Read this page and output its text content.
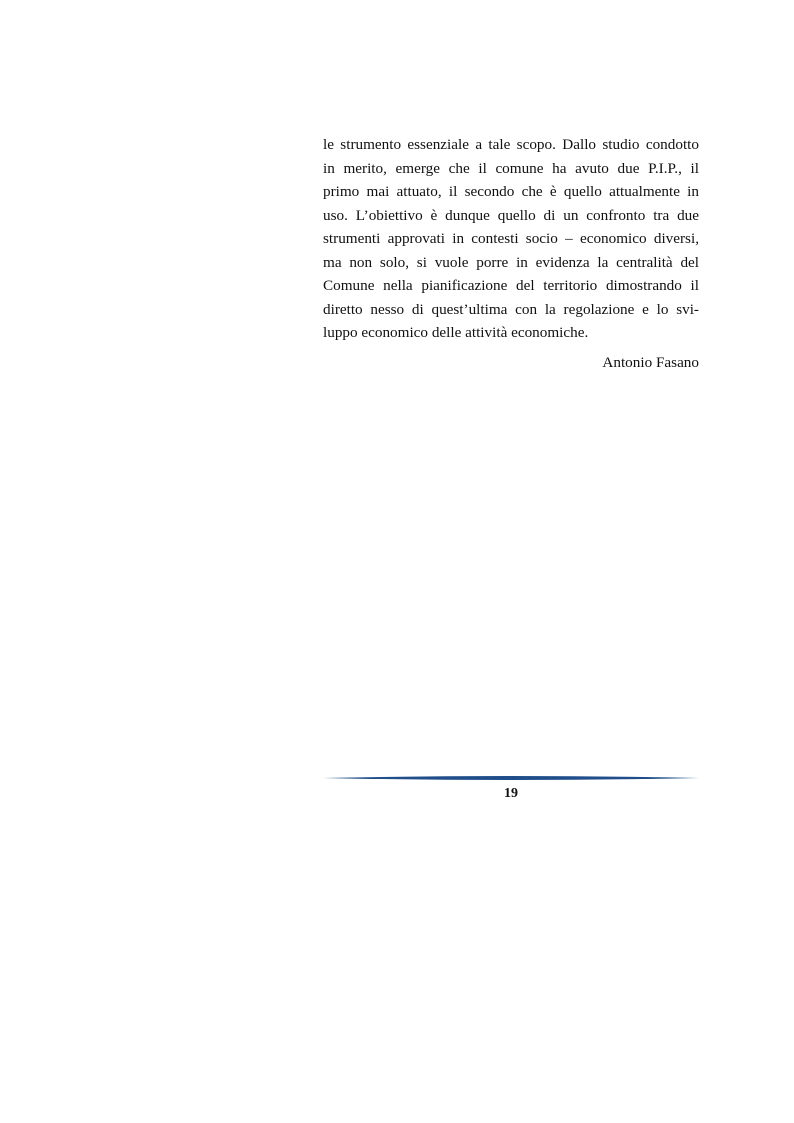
le strumento essenziale a tale scopo. Dallo studio condotto
in merito, emerge che il comune ha avuto due P.I.P., il
primo mai attuato, il secondo che è quello attualmente in
uso. L’obiettivo è dunque quello di un confronto tra due
strumenti approvati in contesti socio – economico diversi,
ma non solo, si vuole porre in evidenza la centralità del
Comune nella pianificazione del territorio dimostrando il
diretto nesso di quest’ultima con la regolazione e lo svi-
luppo economico delle attività economiche.
Antonio Fasano
19
